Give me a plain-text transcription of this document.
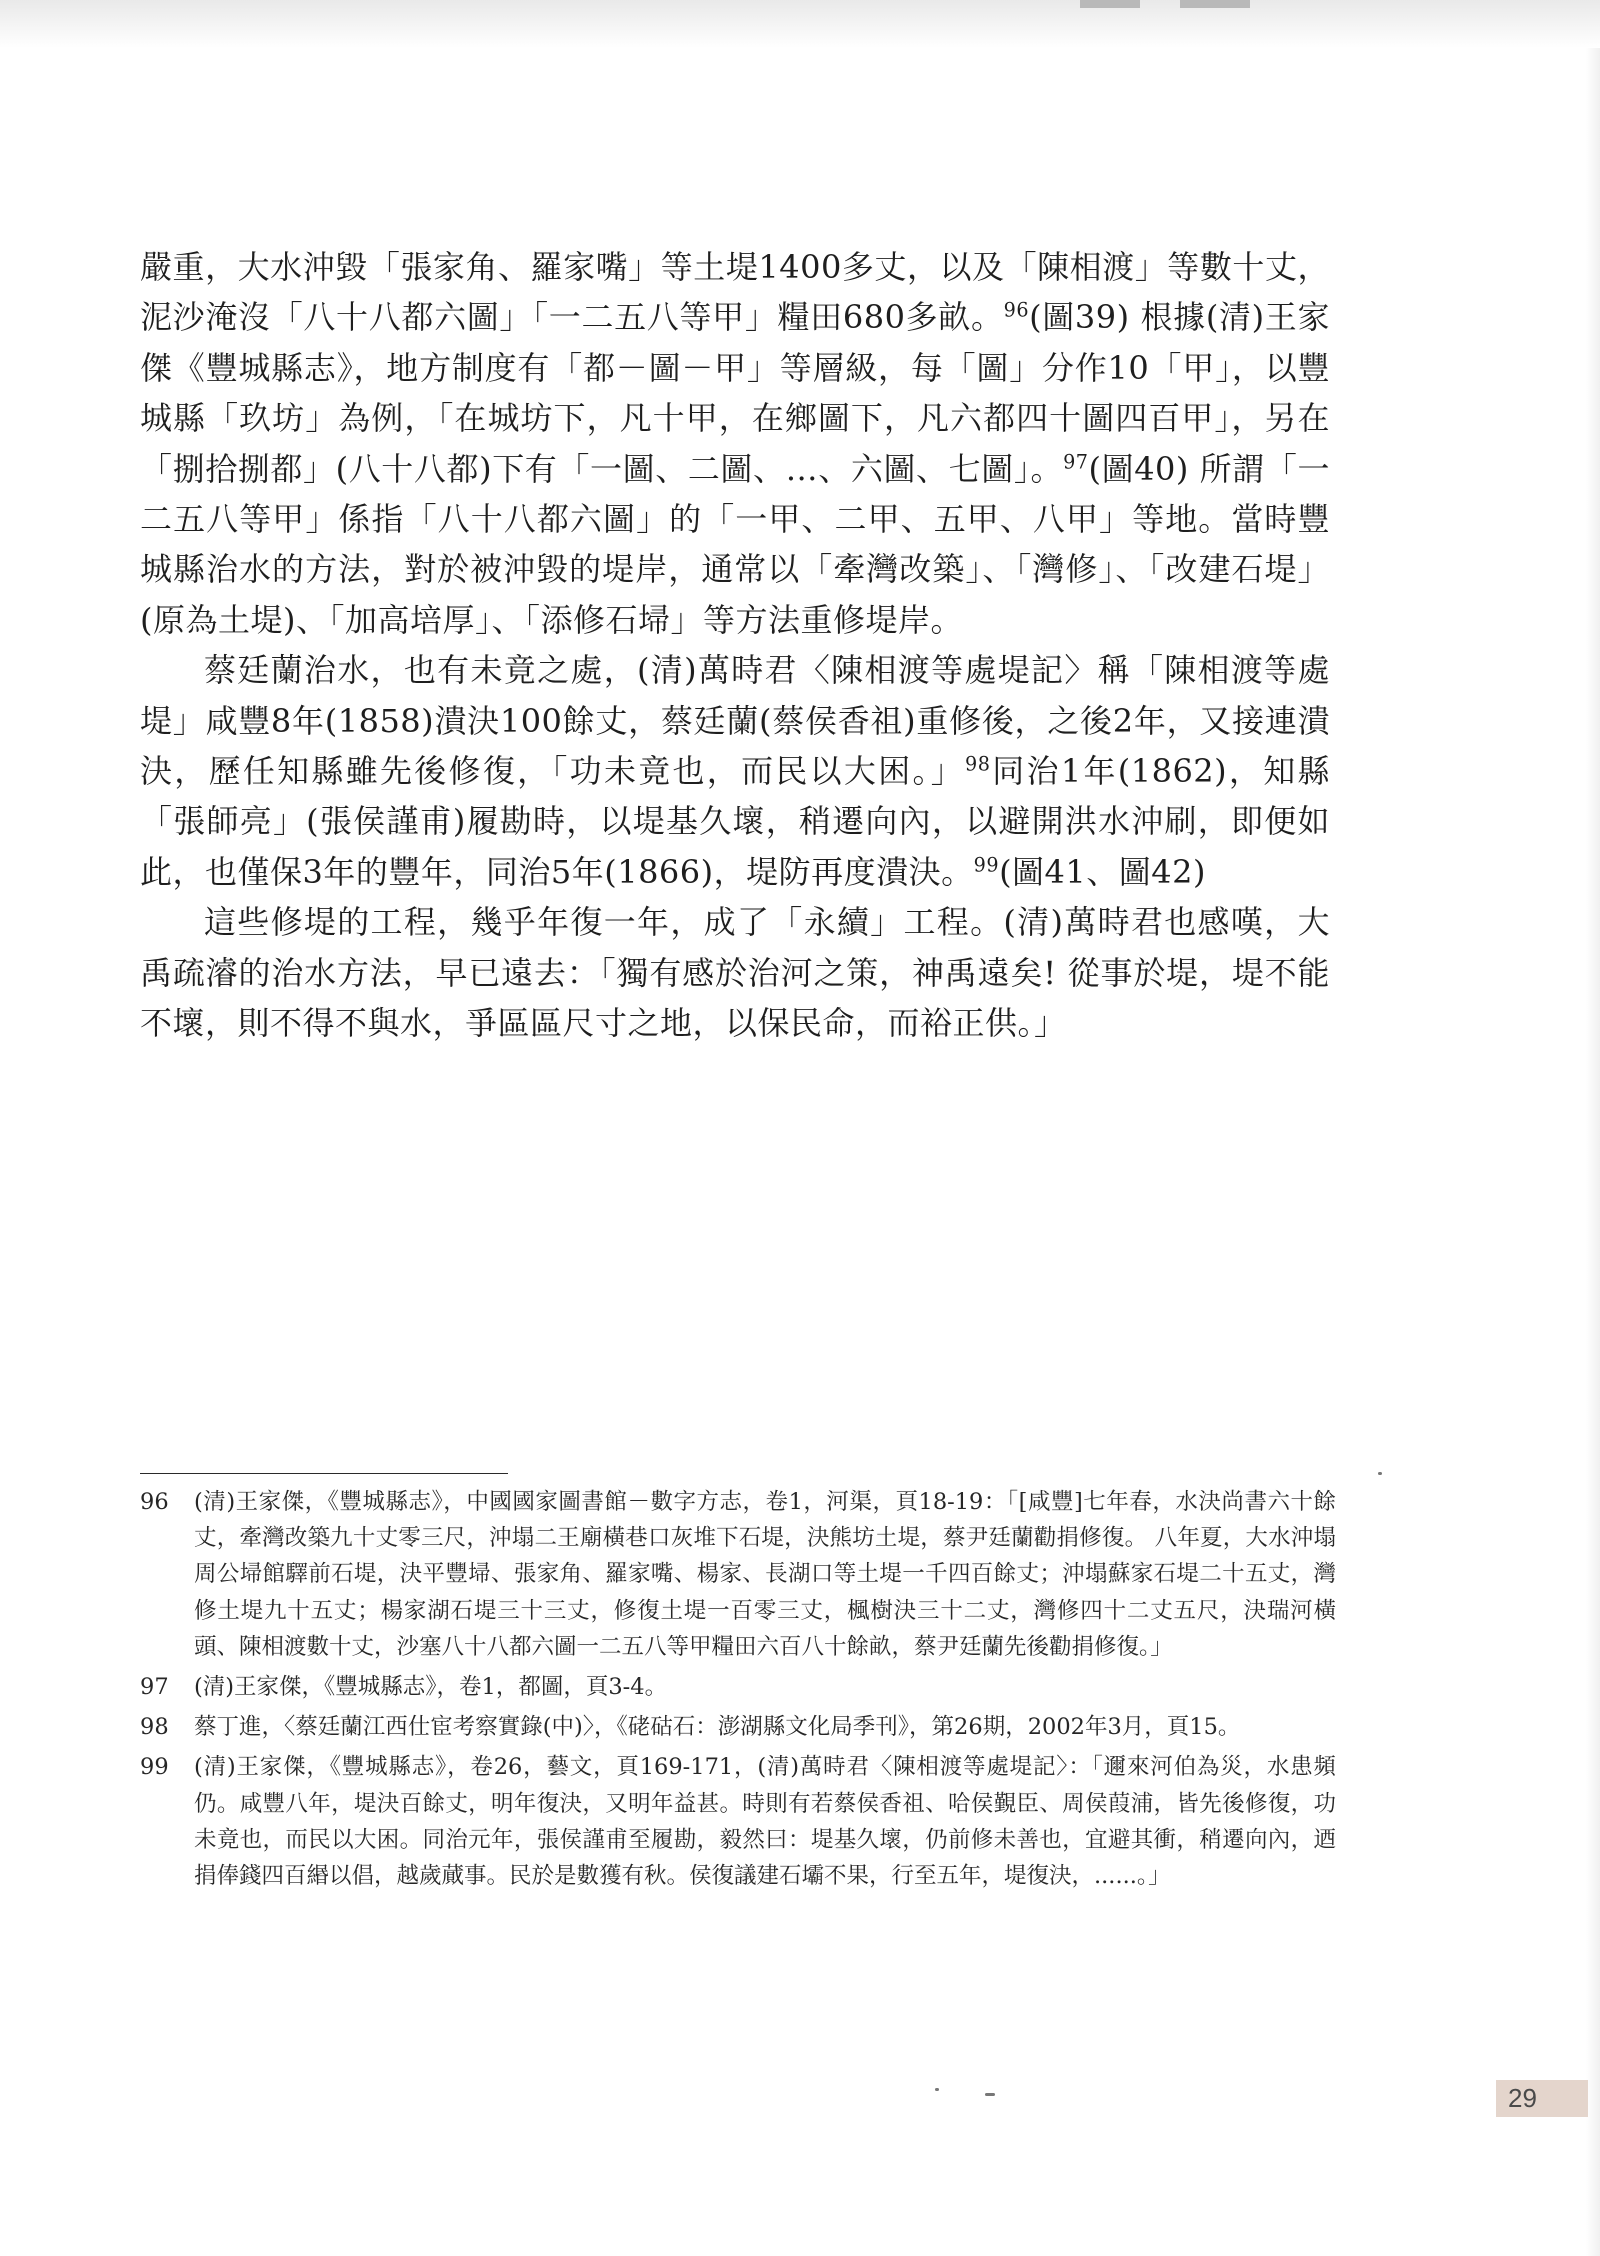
嚴重，大水沖毀「張家角、羅家嘴」等土堤1400多丈，以及「陳相渡」等數十丈，泥沙淹沒「八十八都六圖」「一二五八等甲」糧田680多畝。$^{96}$(圖39) 根據(清)王家傑《豐城縣志》，地方制度有「都－圖－甲」等層級，每「圖」分作10「甲」，以豐城縣「玖坊」為例，「在城坊下，凡十甲，在鄉圖下，凡六都四十圖四百甲」，另在「捌拾捌都」(八十八都)下有「一圖、二圖、…、六圖、七圖」。$^{97}$(圖40) 所謂「一二五八等甲」係指「八十八都六圖」的「一甲、二甲、五甲、八甲」等地。當時豐城縣治水的方法，對於被沖毀的堤岸，通常以「牽灣改築」、「灣修」、「改建石堤」(原為土堤)、「加高培厚」、「添修石埽」等方法重修堤岸。

蔡廷蘭治水，也有未竟之處，(清)萬時君〈陳相渡等處堤記〉稱「陳相渡等處堤」咸豐8年(1858)潰決100餘丈，蔡廷蘭(蔡侯香祖)重修後，之後2年，又接連潰決，歷任知縣雖先後修復，「功未竟也，而民以大困。」$^{98}$同治1年(1862)，知縣「張師亮」(張侯謹甫)履勘時，以堤基久壞，稍遷向內，以避開洪水沖刷，即便如此，也僅保3年的豐年，同治5年(1866)，堤防再度潰決。$^{99}$(圖41、圖42)

這些修堤的工程，幾乎年復一年，成了「永續」工程。(清)萬時君也感嘆，大禹疏濬的治水方法，早已遠去：「獨有感於治河之策，神禹遠矣! 從事於堤，堤不能不壞，則不得不與水，爭區區尺寸之地，以保民命，而裕正供。」

96 (清)王家傑，《豐城縣志》，中國國家圖書館－數字方志，卷1，河渠，頁18-19：「[咸豐]七年春，水決尚書六十餘丈，牽灣改築九十丈零三尺，沖塌二王廟橫巷口灰堆下石堤，決熊坊土堤，蔡尹廷蘭勸捐修復。 八年夏，大水沖塌周公埽館驛前石堤，決平豐埽、張家角、羅家嘴、楊家、長湖口等土堤一千四百餘丈；沖塌蘇家石堤二十五丈，灣修土堤九十五丈；楊家湖石堤三十三丈，修復土堤一百零三丈，楓樹決三十二丈，灣修四十二丈五尺，決瑞河橫頭、陳相渡數十丈，沙塞八十八都六圖一二五八等甲糧田六百八十餘畝，蔡尹廷蘭先後勸捐修復。」
97 (清)王家傑，《豐城縣志》，卷1，都圖，頁3-4。
98 蔡丁進，〈蔡廷蘭江西仕宦考察實錄(中)〉，《硓𥑮石：澎湖縣文化局季刊》，第26期，2002年3月，頁15。
99 (清)王家傑，《豐城縣志》，卷26，藝文，頁169-171，(清)萬時君〈陳相渡等處堤記〉：「邇來河伯為災，水患頻仍。咸豐八年，堤決百餘丈，明年復決，又明年益甚。時則有若蔡侯香祖、哈侯覲臣、周侯葭浦，皆先後修復，功未竟也，而民以大困。同治元年，張侯謹甫至履勘，毅然曰：堤基久壞，仍前修未善也，宜避其衝，稍遷向內，迺捐俸錢四百緡以倡，越歲蕆事。民於是數獲有秋。侯復議建石壩不果，行至五年，堤復決，......。」
29
